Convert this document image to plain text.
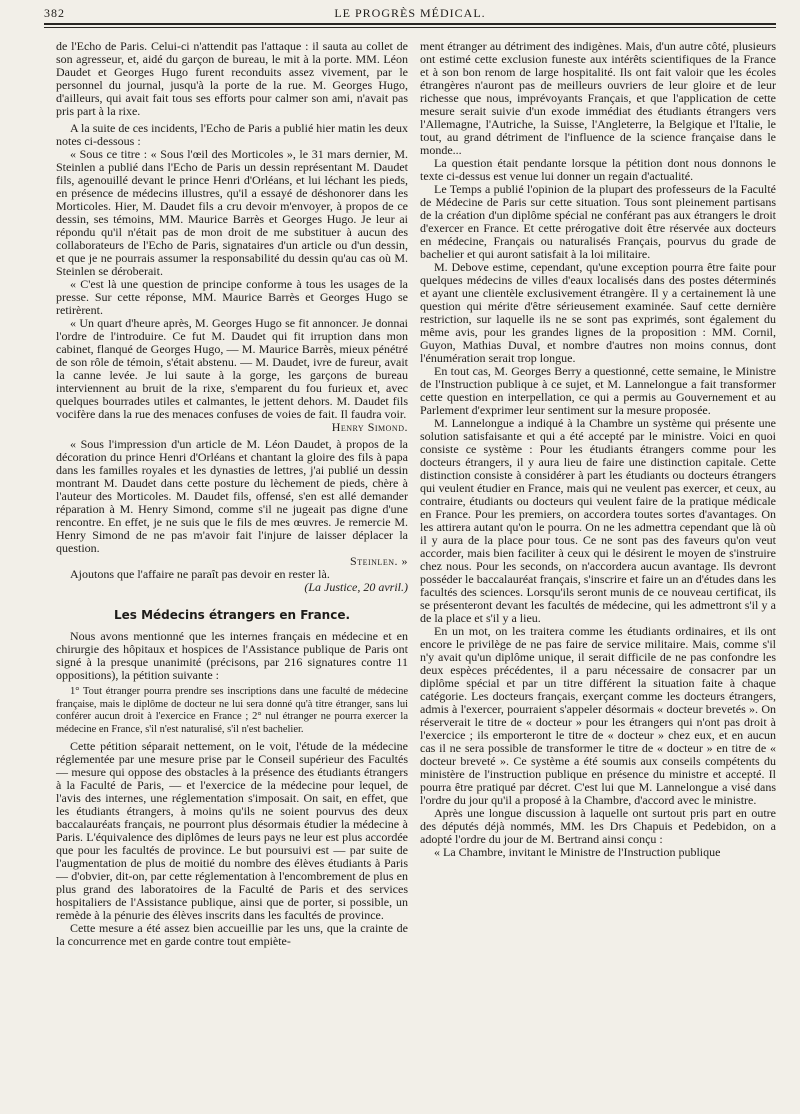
382	LE PROGRÈS MÉDICAL.

de l'Echo de Paris. Celui-ci n'attendit pas l'attaque : il sauta au collet de son agresseur, et, aidé du garçon de bureau, le mit à la porte. MM. Léon Daudet et Georges Hugo furent reconduits assez vivement, par le personnel du journal, jusqu'à la porte de la rue. M. Georges Hugo, d'ailleurs, qui avait fait tous ses efforts pour calmer son ami, n'avait pas pris part à la rixe.

A la suite de ces incidents, l'Echo de Paris a publié hier matin les deux notes ci-dessous :

« Sous ce titre : « Sous l'œil des Morticoles », le 31 mars dernier, M. Steinlen a publié dans l'Echo de Paris un dessin représentant M. Daudet fils, agenouillé devant le prince Henri d'Orléans, et lui léchant les pieds, en présence de médecins illustres, qu'il a essayé de déshonorer dans les Morticoles. Hier, M. Daudet fils a cru devoir m'envoyer, à propos de ce dessin, ses témoins, MM. Maurice Barrès et Georges Hugo. Je leur ai répondu qu'il n'était pas de mon droit de me substituer à aucun des collaborateurs de l'Echo de Paris, signataires d'un article ou d'un dessin, et que je ne pourrais assumer la responsabilité du dessin qu'au cas où M. Steinlen se déroberait.

« C'est là une question de principe conforme à tous les usages de la presse. Sur cette réponse, MM. Maurice Barrès et Georges Hugo se retirèrent.

« Un quart d'heure après, M. Georges Hugo se fit annoncer. Je donnai l'ordre de l'introduire. Ce fut M. Daudet qui fit irruption dans mon cabinet, flanqué de Georges Hugo, — M. Maurice Barrès, mieux pénétré de son rôle de témoin, s'était abstenu. — M. Daudet, ivre de fureur, avait la canne levée. Je lui saute à la gorge, les garçons de bureau interviennent au bruit de la rixe, s'emparent du fou furieux et, avec quelques bourrades utiles et calmantes, le jettent dehors. M. Daudet fils vocifère dans la rue des menaces confuses de voies de fait. Il faudra voir.

Henry Simond.

« Sous l'impression d'un article de M. Léon Daudet, à propos de la décoration du prince Henri d'Orléans et chantant la gloire des fils à papa dans les familles royales et les dynasties de lettres, j'ai publié un dessin montrant M. Daudet dans cette posture du lèchement de pieds, chère à l'auteur des Morticoles. M. Daudet fils, offensé, s'en est allé demander réparation à M. Henry Simond, comme s'il ne jugeait pas digne d'une rencontre. En effet, je ne suis que le fils de mes œuvres. Je remercie M. Henry Simond de ne pas m'avoir fait l'injure de laisser déplacer la question.

Steinlen. »

Ajoutons que l'affaire ne paraît pas devoir en rester là.

(La Justice, 20 avril.)

Les Médecins étrangers en France.

Nous avons mentionné que les internes français en médecine et en chirurgie des hôpitaux et hospices de l'Assistance publique de Paris ont signé à la presque unanimité (précisons, par 216 signatures contre 11 oppositions), la pétition suivante :

1° Tout étranger pourra prendre ses inscriptions dans une faculté de médecine française, mais le diplôme de docteur ne lui sera donné qu'à titre étranger, sans lui conférer aucun droit à l'exercice en France ; 2° nul étranger ne pourra exercer la médecine en France, s'il n'est naturalisé, s'il n'est bachelier.

Cette pétition séparait nettement, on le voit, l'étude de la médecine réglementée par une mesure prise par le Conseil supérieur des Facultés — mesure qui oppose des obstacles à la présence des étudiants étrangers à la Faculté de Paris, — et l'exercice de la médecine pour lequel, de l'avis des internes, une réglementation s'imposait. On sait, en effet, que les étudiants étrangers, à moins qu'ils ne soient pourvus des deux baccalauréats français, ne pourront plus désormais étudier la médecine à Paris. L'équivalence des diplômes de leurs pays ne leur est plus accordée que pour les facultés de province. Le but poursuivi est — par suite de l'augmentation de plus de moitié du nombre des élèves étudiants à Paris — d'obvier, dit-on, par cette réglementation à l'encombrement de plus en plus grand des laboratoires de la Faculté de Paris et des services hospitaliers de l'Assistance publique, ainsi que de porter, si possible, un remède à la pénurie des élèves inscrits dans les facultés de province.

Cette mesure a été assez bien accueillie par les uns, que la crainte de la concurrence met en garde contre tout empiète-

ment étranger au détriment des indigènes. Mais, d'un autre côté, plusieurs ont estimé cette exclusion funeste aux intérêts scientifiques de la France et à son bon renom de large hospitalité. Ils ont fait valoir que les écoles étrangères n'auront pas de meilleurs ouvriers de leur gloire et de leur richesse que nous, imprévoyants Français, et que l'application de cette mesure serait suivie d'un exode immédiat des étudiants étrangers vers l'Allemagne, l'Autriche, la Suisse, l'Angleterre, la Belgique et l'Italie, le tout, au grand détriment de l'influence de la science française dans le monde...

La question était pendante lorsque la pétition dont nous donnons le texte ci-dessus est venue lui donner un regain d'actualité.

Le Temps a publié l'opinion de la plupart des professeurs de la Faculté de Médecine de Paris sur cette situation. Tous sont pleinement partisans de la création d'un diplôme spécial ne conférant pas aux étrangers le droit d'exercer en France. Et cette prérogative doit être réservée aux docteurs en médecine, Français ou naturalisés Français, pourvus du grade de bachelier et qui auront satisfait à la loi militaire.

M. Debove estime, cependant, qu'une exception pourra être faite pour quelques médecins de villes d'eaux localisés dans des postes déterminés et ayant une clientèle exclusivement étrangère. Il y a certainement là une question qui mérite d'être sérieusement examinée. Sauf cette dernière restriction, sur laquelle ils ne se sont pas exprimés, sont également du même avis, pour les grandes lignes de la proposition : MM. Cornil, Guyon, Mathias Duval, et nombre d'autres non moins connus, dont l'énumération serait trop longue.

En tout cas, M. Georges Berry a questionné, cette semaine, le Ministre de l'Instruction publique à ce sujet, et M. Lannelongue a fait transformer cette question en interpellation, ce qui a permis au Gouvernement et au Parlement d'exprimer leur sentiment sur la mesure proposée.

M. Lannelongue a indiqué à la Chambre un système qui présente une solution satisfaisante et qui a été accepté par le ministre. Voici en quoi consiste ce système : Pour les étudiants étrangers comme pour les docteurs étrangers, il y aura lieu de faire une distinction capitale. Cette distinction consiste à considérer à part les étudiants ou docteurs étrangers qui veulent étudier en France, mais qui ne veulent pas exercer, et ceux, au contraire, étudiants ou docteurs qui veulent faire de la pratique médicale en France. Pour les premiers, on accordera toutes sortes d'avantages. On les attirera autant qu'on le pourra. On ne les admettra cependant que là où il y aura de la place pour tous. Ce ne sont pas des faveurs qu'on veut accorder, mais bien faciliter à ceux qui le désirent le moyen de s'instruire chez nous. Pour les seconds, on n'accordera aucun avantage. Ils devront posséder le baccalauréat français, s'inscrire et faire un an d'études dans les facultés des sciences. Lorsqu'ils seront munis de ce nouveau certificat, ils se présenteront devant les facultés de médecine, qui les admettront s'il y a de la place et s'il y a lieu.

En un mot, on les traitera comme les étudiants ordinaires, et ils ont encore le privilège de ne pas faire de service militaire. Mais, comme s'il n'y avait qu'un diplôme unique, il serait difficile de ne pas confondre les deux espèces précédentes, il a paru nécessaire de consacrer par un diplôme spécial et par un titre différent la situation faite à chaque catégorie. Les docteurs français, exerçant comme les docteurs étrangers, admis à l'exercer, pourraient s'appeler désormais « docteur brevetés ». On réserverait le titre de « docteur » pour les étrangers qui n'ont pas droit à l'exercice ; ils emporteront le titre de « docteur » chez eux, et en aucun cas il ne sera possible de transformer le titre de « docteur » en titre de « docteur breveté ». Ce système a été soumis aux conseils compétents du ministère de l'instruction publique en présence du ministre et accepté. Il pourra être pratiqué par décret. C'est lui que M. Lannelongue a visé dans l'ordre du jour qu'il a proposé à la Chambre, d'accord avec le ministre.

Après une longue discussion à laquelle ont surtout pris part en outre des députés déjà nommés, MM. les Drs Chapuis et Pedebidon, on a adopté l'ordre du jour de M. Bertrand ainsi conçu :

« La Chambre, invitant le Ministre de l'Instruction publique
